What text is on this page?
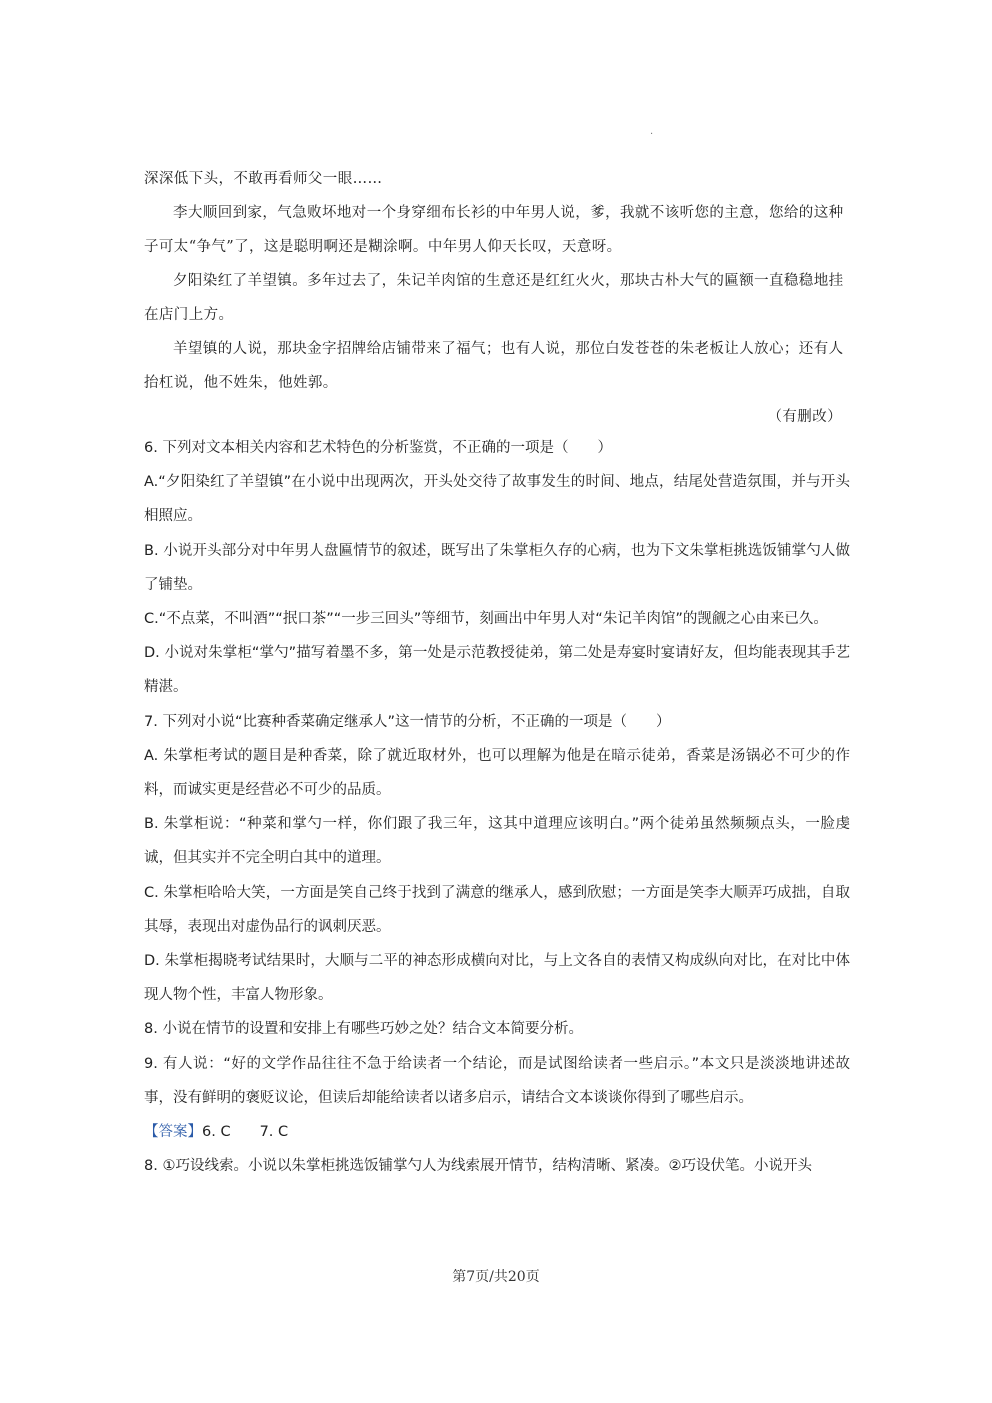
.

深深低下头，不敢再看师父一眼……

李大顺回到家，气急败坏地对一个身穿细布长衫的中年男人说，爹，我就不该听您的主意，您给的这种子可太“争气”了，这是聪明啊还是糊涂啊。中年男人仰天长叹，天意呀。

夕阳染红了羊望镇。多年过去了，朱记羊肉馆的生意还是红红火火，那块古朴大气的匾额一直稳稳地挂在店门上方。

羊望镇的人说，那块金字招牌给店铺带来了福气；也有人说，那位白发苍苍的朱老板让人放心；还有人抬杠说，他不姓朱，他姓郭。

（有删改）

6. 下列对文本相关内容和艺术特色的分析鉴赏，不正确的一项是（　　）

A.“夕阳染红了羊望镇”在小说中出现两次，开头处交待了故事发生的时间、地点，结尾处营造氛围，并与开头相照应。

B. 小说开头部分对中年男人盘匾情节的叙述，既写出了朱掌柜久存的心病，也为下文朱掌柜挑选饭铺掌勺人做了铺垫。

C.“不点菜，不叫酒”“抿口茶”“一步三回头”等细节，刻画出中年男人对“朱记羊肉馆”的觊觎之心由来已久。

D. 小说对朱掌柜“掌勺”描写着墨不多，第一处是示范教授徒弟，第二处是寿宴时宴请好友，但均能表现其手艺精湛。

7. 下列对小说“比赛种香菜确定继承人”这一情节的分析，不正确的一项是（　　）

A. 朱掌柜考试的题目是种香菜，除了就近取材外，也可以理解为他是在暗示徒弟，香菜是汤锅必不可少的作料，而诚实更是经营必不可少的品质。

B. 朱掌柜说：“种菜和掌勺一样，你们跟了我三年，这其中道理应该明白。”两个徒弟虽然频频点头，一脸虔诚，但其实并不完全明白其中的道理。

C. 朱掌柜哈哈大笑，一方面是笑自己终于找到了满意的继承人，感到欣慰；一方面是笑李大顺弄巧成拙，自取其辱，表现出对虚伪品行的讽刺厌恶。

D. 朱掌柜揭晓考试结果时，大顺与二平的神态形成横向对比，与上文各自的表情又构成纵向对比，在对比中体现人物个性，丰富人物形象。

8. 小说在情节的设置和安排上有哪些巧妙之处？结合文本简要分析。

9. 有人说：“好的文学作品往往不急于给读者一个结论，而是试图给读者一些启示。”本文只是淡淡地讲述故事，没有鲜明的褒贬议论，但读后却能给读者以诸多启示，请结合文本谈谈你得到了哪些启示。

【答案】6. C　　7. C

8. ①巧设线索。小说以朱掌柜挑选饭铺掌勺人为线索展开情节，结构清晰、紧凑。②巧设伏笔。小说开头

第7页/共20页
